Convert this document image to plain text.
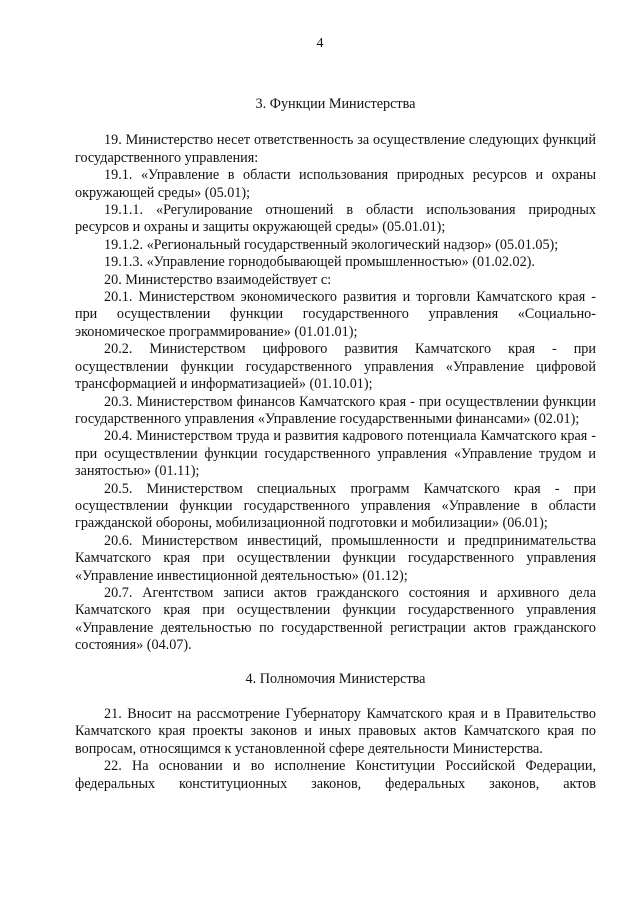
4
3. Функции Министерства

19. Министерство несет ответственность за осуществление следующих функций государственного управления:

19.1. «Управление в области использования природных ресурсов и охраны окружающей среды» (05.01);

19.1.1. «Регулирование отношений в области использования природных ресурсов и охраны и защиты окружающей среды» (05.01.01);

19.1.2. «Региональный государственный экологический надзор» (05.01.05);

19.1.3. «Управление горнодобывающей промышленностью» (01.02.02).

20. Министерство взаимодействует с:

20.1. Министерством экономического развития и торговли Камчатского края - при осуществлении функции государственного управления «Социально-экономическое программирование» (01.01.01);

20.2. Министерством цифрового развития Камчатского края - при осуществлении функции государственного управления «Управление цифровой трансформацией и информатизацией» (01.10.01);

20.3. Министерством финансов Камчатского края - при осуществлении функции государственного управления «Управление государственными финансами» (02.01);

20.4. Министерством труда и развития кадрового потенциала Камчатского края - при осуществлении функции государственного управления «Управление трудом и занятостью» (01.11);

20.5. Министерством специальных программ Камчатского края - при осуществлении функции государственного управления «Управление в области гражданской обороны, мобилизационной подготовки и мобилизации» (06.01);

20.6. Министерством инвестиций, промышленности и предпринимательства Камчатского края при осуществлении функции государственного управления «Управление инвестиционной деятельностью» (01.12);

20.7. Агентством записи актов гражданского состояния и архивного дела Камчатского края при осуществлении функции государственного управления «Управление деятельностью по государственной регистрации актов гражданского состояния» (04.07).

4. Полномочия Министерства

21. Вносит на рассмотрение Губернатору Камчатского края и в Правительство Камчатского края проекты законов и иных правовых актов Камчатского края по вопросам, относящимся к установленной сфере деятельности Министерства.

22. На основании и во исполнение Конституции Российской Федерации, федеральных конституционных законов, федеральных законов, актов
